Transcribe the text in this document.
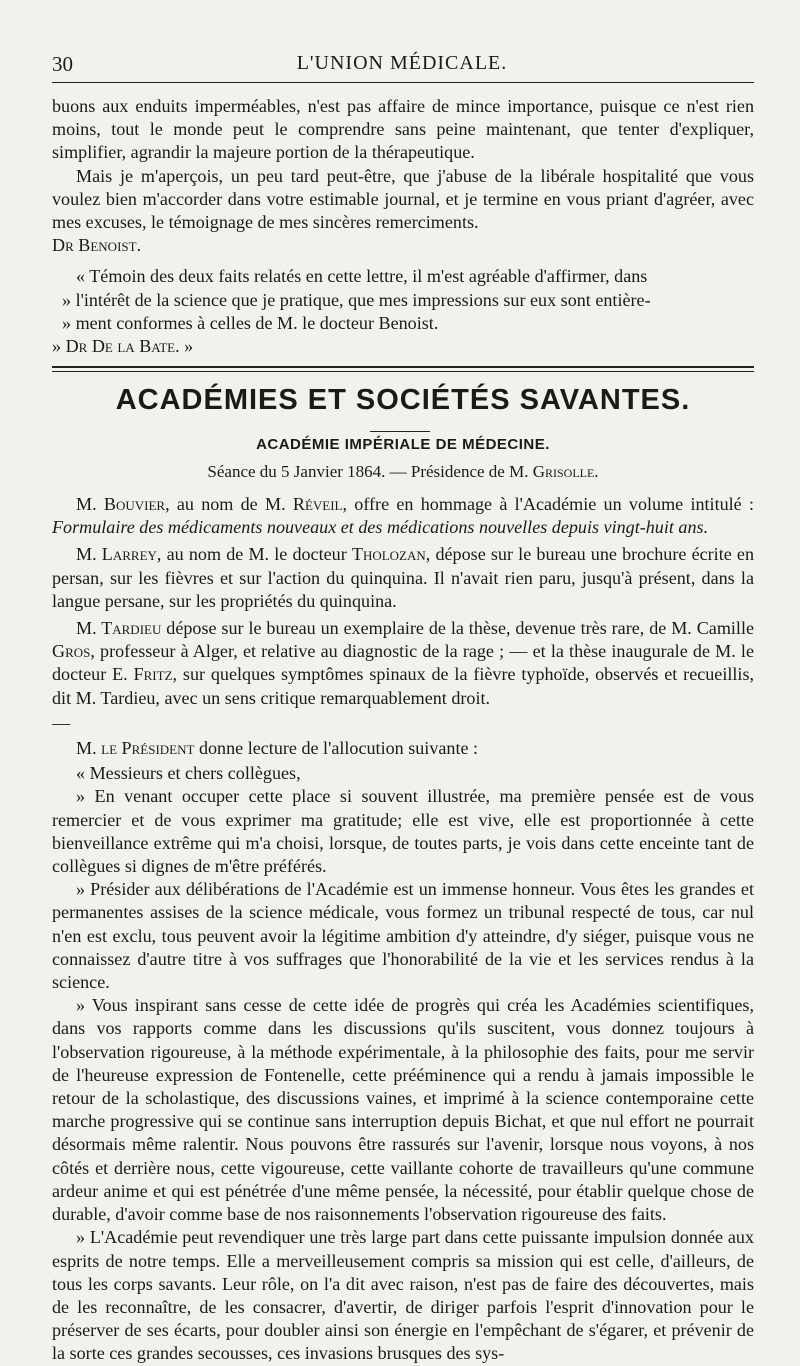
30	L'UNION MÉDICALE.

buons aux enduits imperméables, n'est pas affaire de mince importance, puisque ce n'est rien moins, tout le monde peut le comprendre sans peine maintenant, que tenter d'expliquer, simplifier, agrandir la majeure portion de la thérapeutique.

Mais je m'aperçois, un peu tard peut-être, que j'abuse de la libérale hospitalité que vous voulez bien m'accorder dans votre estimable journal, et je termine en vous priant d'agréer, avec mes excuses, le témoignage de mes sincères remerciments.

Dr Benoist.

« Témoin des deux faits relatés en cette lettre, il m'est agréable d'affirmer, dans

» l'intérêt de la science que je pratique, que mes impressions sur eux sont entière-

» ment conformes à celles de M. le docteur Benoist.

» Dr De la Bate. »

ACADÉMIES ET SOCIÉTÉS SAVANTES.
ACADÉMIE IMPÉRIALE DE MÉDECINE.
Séance du 5 Janvier 1864. — Présidence de M. Grisolle.

M. Bouvier, au nom de M. Réveil, offre en hommage à l'Académie un volume intitulé : Formulaire des médicaments nouveaux et des médications nouvelles depuis vingt-huit ans.

M. Larrey, au nom de M. le docteur Tholozan, dépose sur le bureau une brochure écrite en persan, sur les fièvres et sur l'action du quinquina. Il n'avait rien paru, jusqu'à présent, dans la langue persane, sur les propriétés du quinquina.

M. Tardieu dépose sur le bureau un exemplaire de la thèse, devenue très rare, de M. Camille Gros, professeur à Alger, et relative au diagnostic de la rage ; — et la thèse inaugurale de M. le docteur E. Fritz, sur quelques symptômes spinaux de la fièvre typhoïde, observés et recueillis, dit M. Tardieu, avec un sens critique remarquablement droit.

—

M. le Président donne lecture de l'allocution suivante :

« Messieurs et chers collègues,

» En venant occuper cette place si souvent illustrée, ma première pensée est de vous remercier et de vous exprimer ma gratitude; elle est vive, elle est proportionnée à cette bienveillance extrême qui m'a choisi, lorsque, de toutes parts, je vois dans cette enceinte tant de collègues si dignes de m'être préférés.

» Présider aux délibérations de l'Académie est un immense honneur. Vous êtes les grandes et permanentes assises de la science médicale, vous formez un tribunal respecté de tous, car nul n'en est exclu, tous peuvent avoir la légitime ambition d'y atteindre, d'y siéger, puisque vous ne connaissez d'autre titre à vos suffrages que l'honorabilité de la vie et les services rendus à la science.

» Vous inspirant sans cesse de cette idée de progrès qui créa les Académies scientifiques, dans vos rapports comme dans les discussions qu'ils suscitent, vous donnez toujours à l'observation rigoureuse, à la méthode expérimentale, à la philosophie des faits, pour me servir de l'heureuse expression de Fontenelle, cette prééminence qui a rendu à jamais impossible le retour de la scholastique, des discussions vaines, et imprimé à la science contemporaine cette marche progressive qui se continue sans interruption depuis Bichat, et que nul effort ne pourrait désormais même ralentir. Nous pouvons être rassurés sur l'avenir, lorsque nous voyons, à nos côtés et derrière nous, cette vigoureuse, cette vaillante cohorte de travailleurs qu'une commune ardeur anime et qui est pénétrée d'une même pensée, la nécessité, pour établir quelque chose de durable, d'avoir comme base de nos raisonnements l'observation rigoureuse des faits.

» L'Académie peut revendiquer une très large part dans cette puissante impulsion donnée aux esprits de notre temps. Elle a merveilleusement compris sa mission qui est celle, d'ailleurs, de tous les corps savants. Leur rôle, on l'a dit avec raison, n'est pas de faire des découvertes, mais de les reconnaître, de les consacrer, d'avertir, de diriger parfois l'esprit d'innovation pour le préserver de ses écarts, pour doubler ainsi son énergie en l'empêchant de s'égarer, et prévenir de la sorte ces grandes secousses, ces invasions brusques des sys-
